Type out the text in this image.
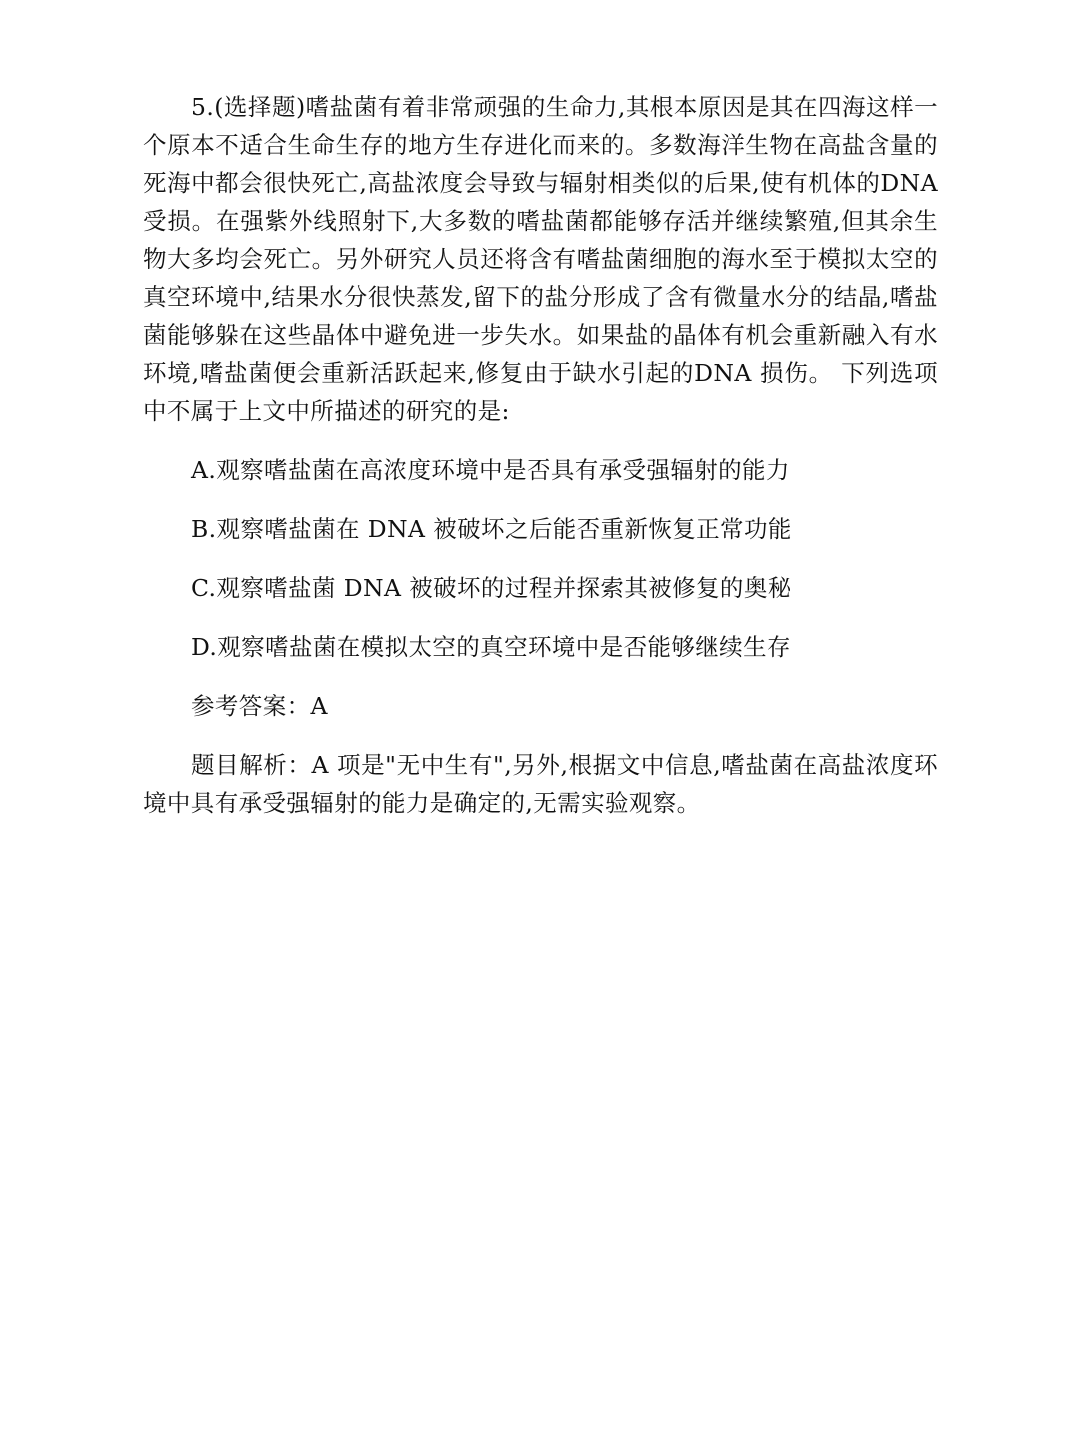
5.(选择题)嗜盐菌有着非常顽强的生命力,其根本原因是其在四海这样一个原本不适合生命生存的地方生存进化而来的。多数海洋生物在高盐含量的死海中都会很快死亡,高盐浓度会导致与辐射相类似的后果,使有机体的DNA受损。在强紫外线照射下,大多数的嗜盐菌都能够存活并继续繁殖,但其余生物大多均会死亡。另外研究人员还将含有嗜盐菌细胞的海水至于模拟太空的真空环境中,结果水分很快蒸发,留下的盐分形成了含有微量水分的结晶,嗜盐菌能够躲在这些晶体中避免进一步失水。如果盐的晶体有机会重新融入有水环境,嗜盐菌便会重新活跃起来,修复由于缺水引起的DNA 损伤。 下列选项中不属于上文中所描述的研究的是:

A.观察嗜盐菌在高浓度环境中是否具有承受强辐射的能力

B.观察嗜盐菌在 DNA 被破坏之后能否重新恢复正常功能

C.观察嗜盐菌 DNA 被破坏的过程并探索其被修复的奥秘

D.观察嗜盐菌在模拟太空的真空环境中是否能够继续生存

参考答案：A

题目解析：A 项是"无中生有",另外,根据文中信息,嗜盐菌在高盐浓度环境中具有承受强辐射的能力是确定的,无需实验观察。
